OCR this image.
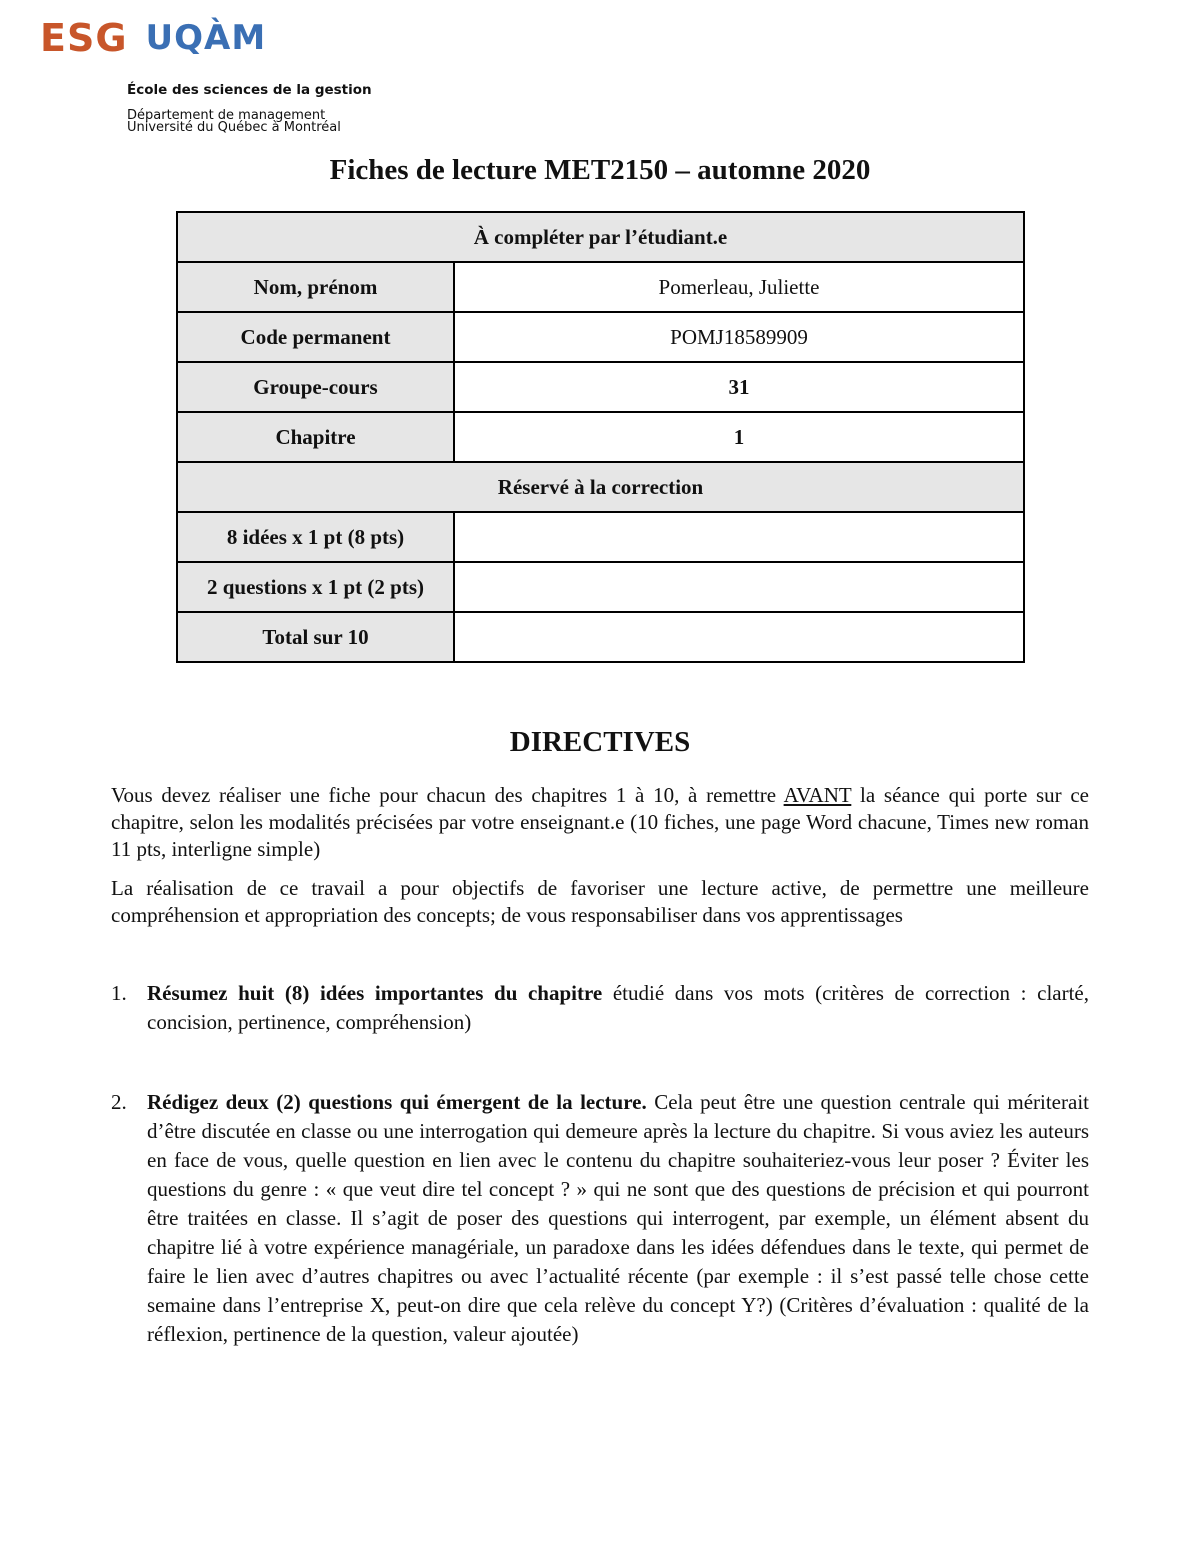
ESG UQÀM
École des sciences de la gestion
Département de management
Université du Québec à Montréal
Fiches de lecture MET2150 – automne 2020
À compléter par l’étudiant.e	
Nom, prénom	Pomerleau, Juliette
Code permanent	POMJ18589909
Groupe-cours	31
Chapitre	1
Réservé à la correction	
8 idées x 1 pt (8 pts)	
2 questions x 1 pt (2 pts)	
Total sur 10	
DIRECTIVES
Vous devez réaliser une fiche pour chacun des chapitres 1 à 10, à remettre AVANT la séance qui porte sur ce chapitre, selon les modalités précisées par votre enseignant.e (10 fiches, une page Word chacune, Times new roman 11 pts, interligne simple)
La réalisation de ce travail a pour objectifs de favoriser une lecture active, de permettre une meilleure compréhension et appropriation des concepts; de vous responsabiliser dans vos apprentissages
1. Résumez huit (8) idées importantes du chapitre étudié dans vos mots (critères de correction : clarté, concision, pertinence, compréhension)
2. Rédigez deux (2) questions qui émergent de la lecture. Cela peut être une question centrale qui mériterait d’être discutée en classe ou une interrogation qui demeure après la lecture du chapitre. Si vous aviez les auteurs en face de vous, quelle question en lien avec le contenu du chapitre souhaiteriez-vous leur poser ? Éviter les questions du genre : « que veut dire tel concept ? » qui ne sont que des questions de précision et qui pourront être traitées en classe. Il s’agit de poser des questions qui interrogent, par exemple, un élément absent du chapitre lié à votre expérience managériale, un paradoxe dans les idées défendues dans le texte, qui permet de faire le lien avec d’autres chapitres ou avec l’actualité récente (par exemple : il s’est passé telle chose cette semaine dans l’entreprise X, peut-on dire que cela relève du concept Y?) (Critères d’évaluation : qualité de la réflexion, pertinence de la question, valeur ajoutée)
